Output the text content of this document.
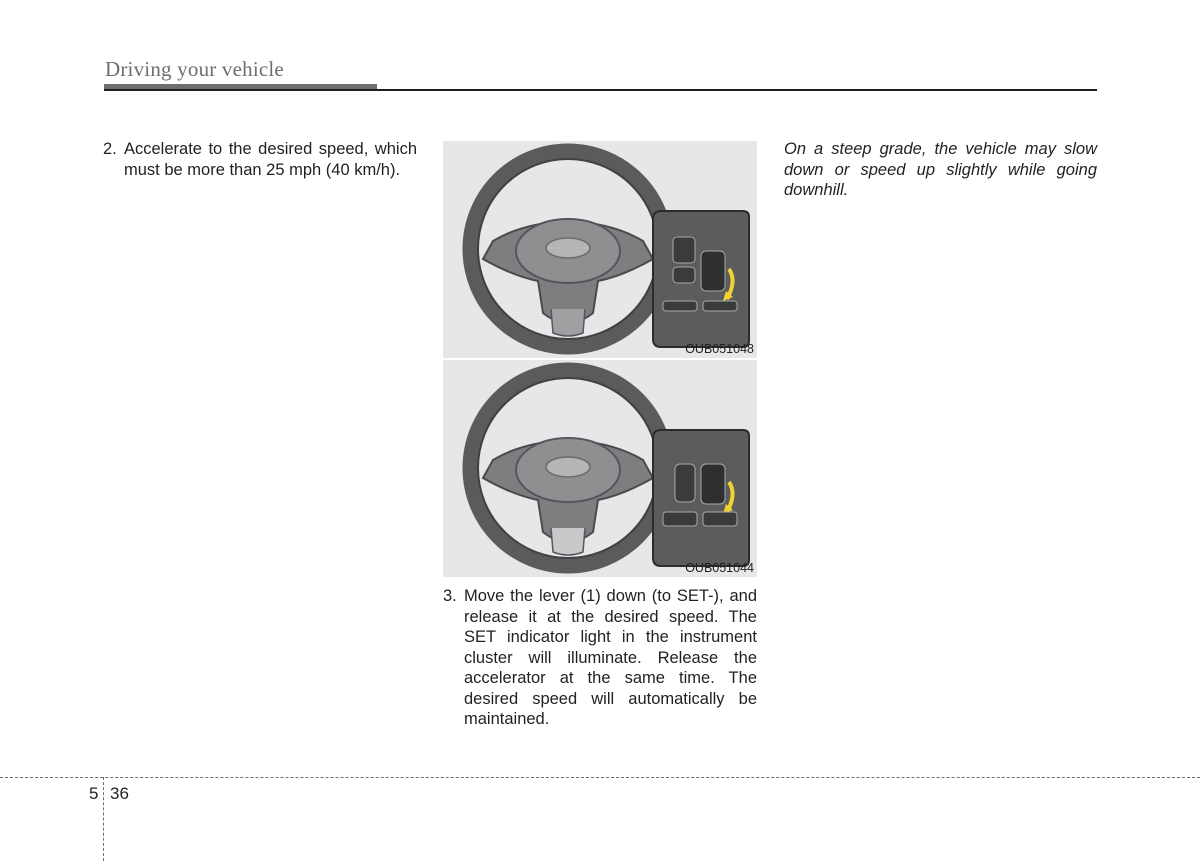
Driving your vehicle
2. Accelerate to the desired speed, which must be more than 25 mph (40 km/h).
OUB051048
OUB051044
3. Move the lever (1) down (to SET-), and release it at the desired speed. The SET indicator light in the instrument cluster will illuminate. Release the accelerator at the same time. The desired speed will automatically be maintained.
On a steep grade, the vehicle may slow down or speed up slightly while going downhill.
5 36
